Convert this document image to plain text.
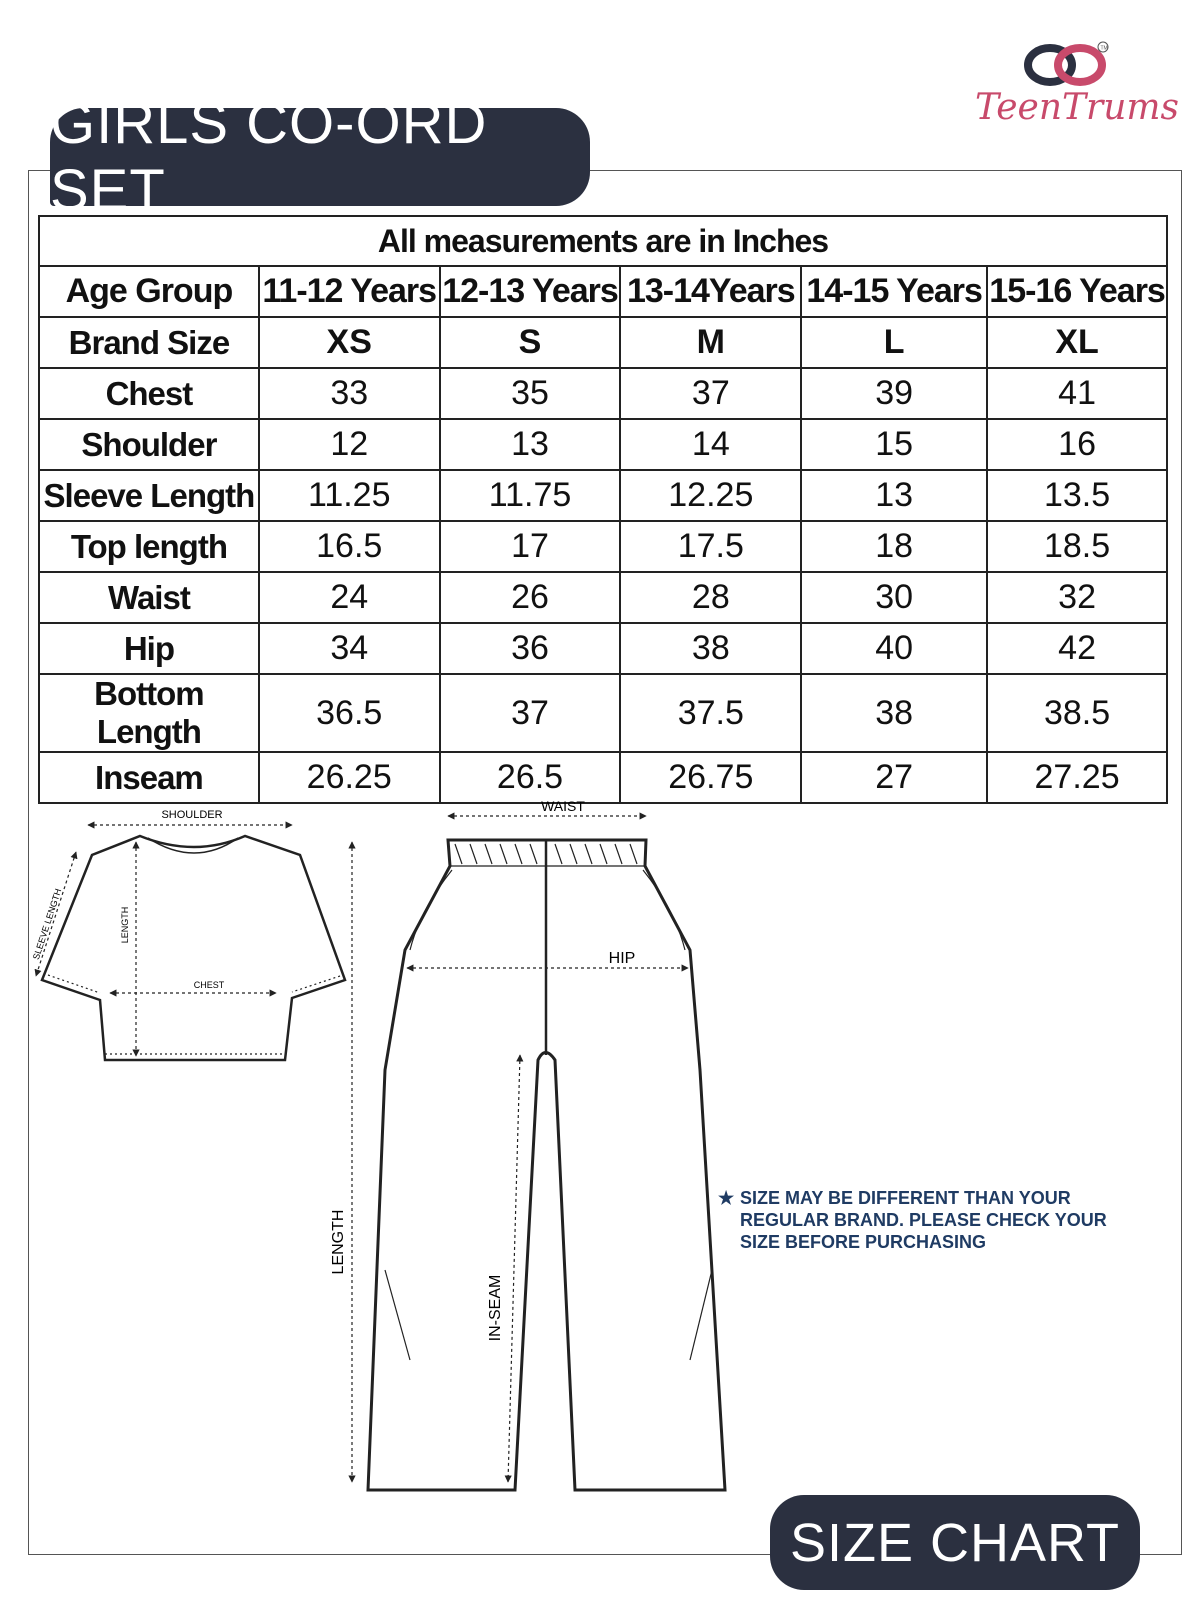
GIRLS CO-ORD SET
TM
TeenTrums
All measurements are in Inches					
Age Group	11-12 Years	12-13 Years	13-14Years	14-15 Years	15-16 Years
Brand Size	XS	S	M	L	XL
Chest	33	35	37	39	41
Shoulder	12	13	14	15	16
Sleeve Length	11.25	11.75	12.25	13	13.5
Top length	16.5	17	17.5	18	18.5
Waist	24	26	28	30	32
Hip	34	36	38	40	42
Bottom Length	36.5	37	37.5	38	38.5
Inseam	26.25	26.5	26.75	27	27.25
SHOULDER
SLEEVE LENGTH	LENGTH
CHEST
WAIST
HIP
LENGTH
IN-SEAM
★ SIZE MAY BE DIFFERENT THAN YOUR
REGULAR BRAND. PLEASE CHECK YOUR
SIZE BEFORE PURCHASING
SIZE CHART
